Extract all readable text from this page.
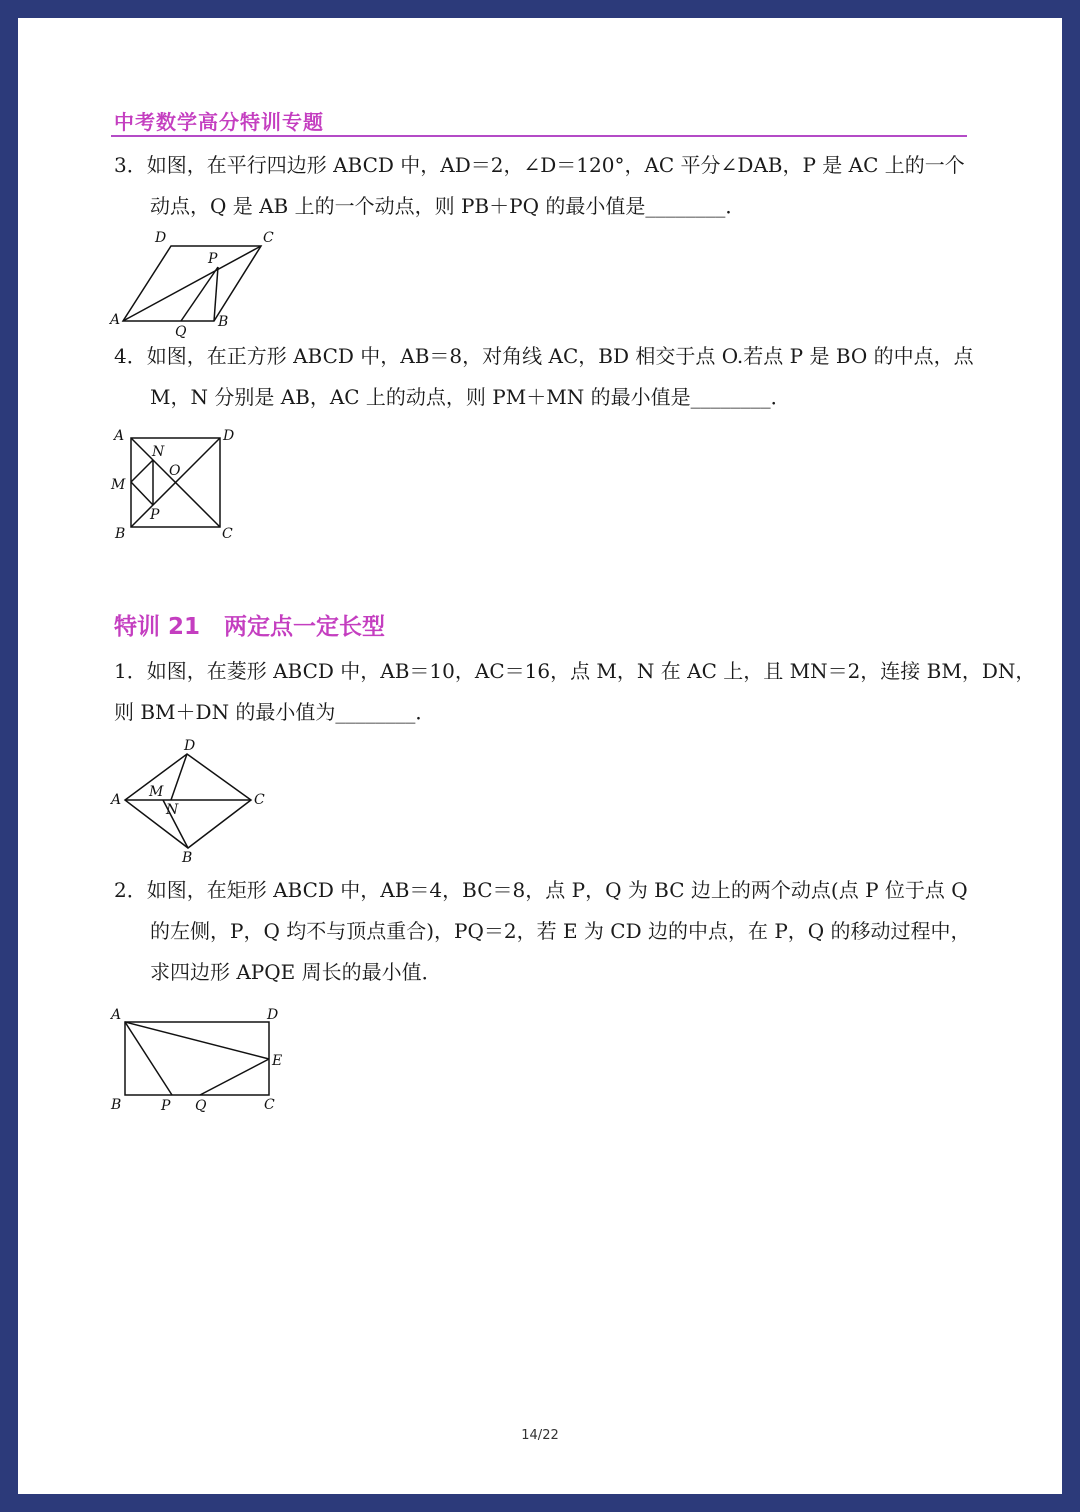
中考数学高分特训专题
3．如图，在平行四边形 ABCD 中，AD＝2，∠D＝120°，AC 平分∠DAB，P 是 AC 上的一个
动点，Q 是 AB 上的一个动点，则 PB＋PQ 的最小值是________．
D	C
P
A
Q
B
4．如图，在正方形 ABCD 中，AB＝8，对角线 AC，BD 相交于点 O.若点 P 是 BO 的中点，点
M，N 分别是 AB，AC 上的动点，则 PM＋MN 的最小值是________．
A	D
N
O
M
P
B	C
特训 21 两定点一定长型
1．如图，在菱形 ABCD 中，AB＝10，AC＝16，点 M，N 在 AC 上，且 MN＝2，连接 BM，DN，
则 BM＋DN 的最小值为________．
D
A M
N
C
B
2．如图，在矩形 ABCD 中，AB＝4，BC＝8，点 P，Q 为 BC 边上的两个动点(点 P 位于点 Q
的左侧，P，Q 均不与顶点重合)，PQ＝2，若 E 为 CD 边的中点，在 P，Q 的移动过程中，
求四边形 APQE 周长的最小值．
A	D
E
B	P Q	C
14/22
